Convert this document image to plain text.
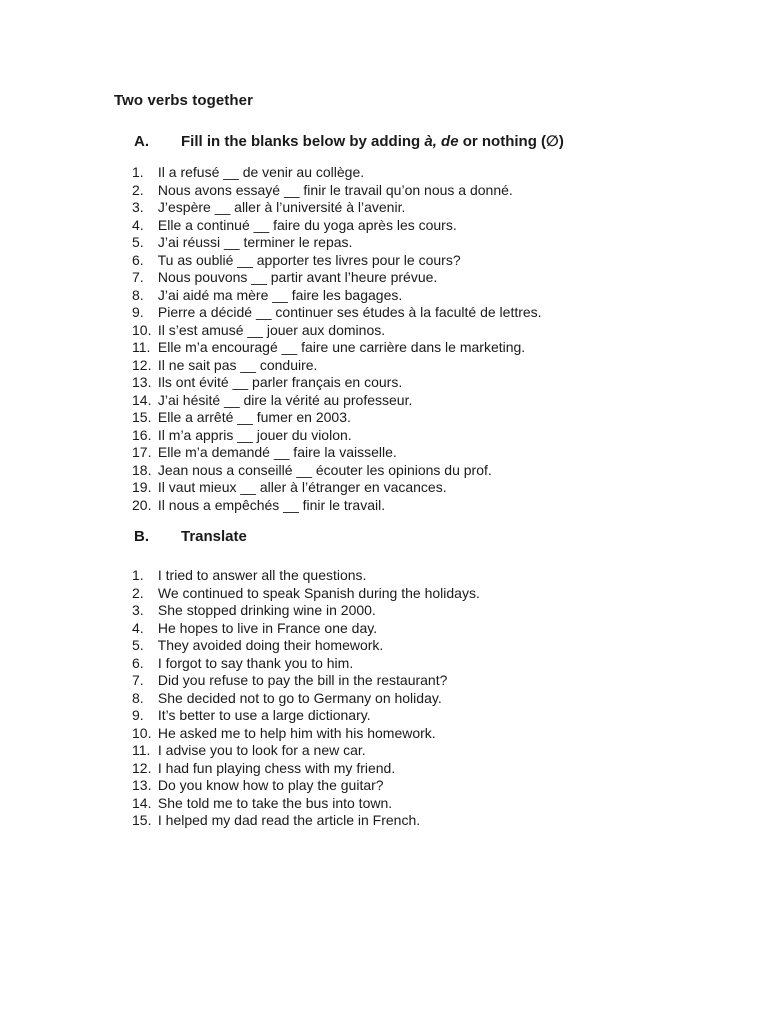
Two verbs together
A. Fill in the blanks below by adding à, de or nothing (∅)
1. Il a refusé __ de venir au collège.
2. Nous avons essayé __ finir le travail qu’on nous a donné.
3. J’espère __ aller à l’université à l’avenir.
4. Elle a continué __ faire du yoga après les cours.
5. J’ai réussi __ terminer le repas.
6. Tu as oublié __ apporter tes livres pour le cours?
7. Nous pouvons __ partir avant l’heure prévue.
8. J’ai aidé ma mère __ faire les bagages.
9. Pierre a décidé __ continuer ses études à la faculté de lettres.
10. Il s’est amusé __ jouer aux dominos.
11. Elle m’a encouragé __ faire une carrière dans le marketing.
12. Il ne sait pas __ conduire.
13. Ils ont évité __ parler français en cours.
14. J’ai hésité __ dire la vérité au professeur.
15. Elle a arrêté __ fumer en 2003.
16. Il m’a appris __ jouer du violon.
17. Elle m’a demandé __ faire la vaisselle.
18. Jean nous a conseillé __ écouter les opinions du prof.
19. Il vaut mieux __ aller à l’étranger en vacances.
20. Il nous a empêchés __ finir le travail.
B. Translate
1. I tried to answer all the questions.
2. We continued to speak Spanish during the holidays.
3. She stopped drinking wine in 2000.
4. He hopes to live in France one day.
5. They avoided doing their homework.
6. I forgot to say thank you to him.
7. Did you refuse to pay the bill in the restaurant?
8. She decided not to go to Germany on holiday.
9. It’s better to use a large dictionary.
10. He asked me to help him with his homework.
11. I advise you to look for a new car.
12. I had fun playing chess with my friend.
13. Do you know how to play the guitar?
14. She told me to take the bus into town.
15. I helped my dad read the article in French.
